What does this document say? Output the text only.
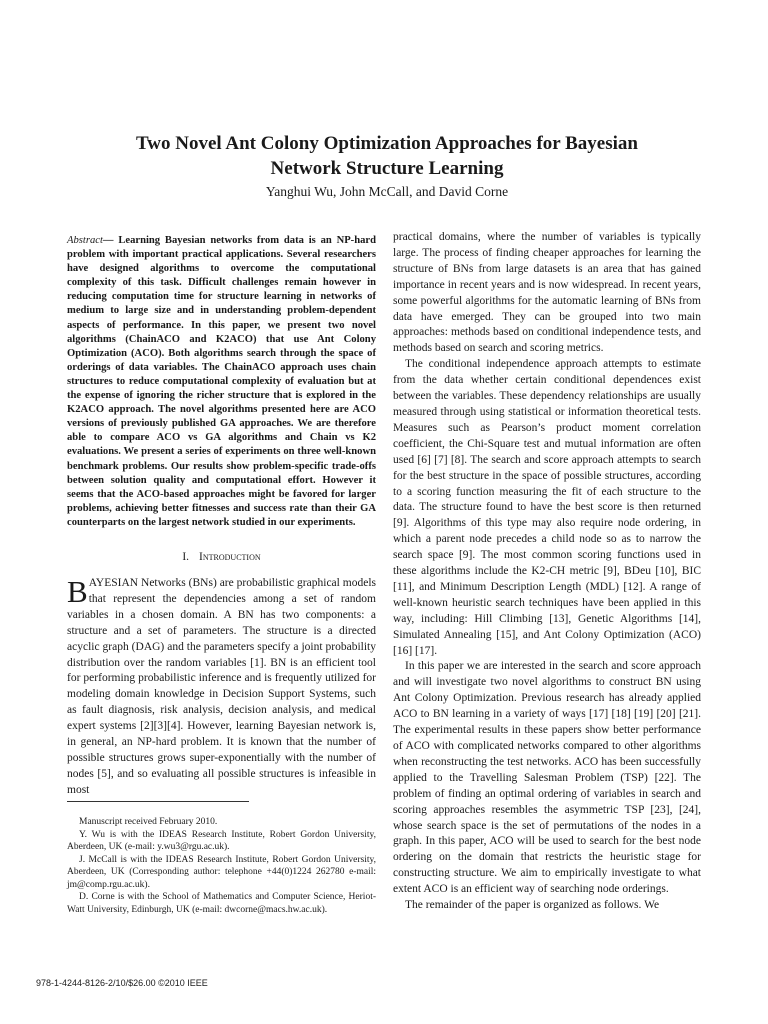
Two Novel Ant Colony Optimization Approaches for Bayesian
Network Structure Learning
Yanghui Wu, John McCall, and David Corne

Abstract— Learning Bayesian networks from data is an NP-hard problem with important practical applications. Several researchers have designed algorithms to overcome the computational complexity of this task. Difficult challenges remain however in reducing computation time for structure learning in networks of medium to large size and in understanding problem-dependent aspects of performance. In this paper, we present two novel algorithms (ChainACO and K2ACO) that use Ant Colony Optimization (ACO). Both algorithms search through the space of orderings of data variables. The ChainACO approach uses chain structures to reduce computational complexity of evaluation but at the expense of ignoring the richer structure that is explored in the K2ACO approach. The novel algorithms presented here are ACO versions of previously published GA approaches. We are therefore able to compare ACO vs GA algorithms and Chain vs K2 evaluations. We present a series of experiments on three well-known benchmark problems. Our results show problem-specific trade-offs between solution quality and computational effort. However it seems that the ACO-based approaches might be favored for larger problems, achieving better fitnesses and success rate than their GA counterparts on the largest network studied in our experiments.

I. Introduction

BAYESIAN Networks (BNs) are probabilistic graphical models that represent the dependencies among a set of random variables in a chosen domain. A BN has two components: a structure and a set of parameters. The structure is a directed acyclic graph (DAG) and the parameters specify a joint probability distribution over the random variables [1]. BN is an efficient tool for performing probabilistic inference and is frequently utilized for modeling domain knowledge in Decision Support Systems, such as fault diagnosis, risk analysis, decision analysis, and medical expert systems [2][3][4]. However, learning Bayesian network is, in general, an NP-hard problem. It is known that the number of possible structures grows super-exponentially with the number of nodes [5], and so evaluating all possible structures is infeasible in most

practical domains, where the number of variables is typically large. The process of finding cheaper approaches for learning the structure of BNs from large datasets is an area that has gained importance in recent years and is now widespread. In recent years, some powerful algorithms for the automatic learning of BNs from data have emerged. They can be grouped into two main approaches: methods based on conditional independence tests, and methods based on search and scoring metrics.

The conditional independence approach attempts to estimate from the data whether certain conditional dependences exist between the variables. These dependency relationships are usually measured through using statistical or information theoretical tests. Measures such as Pearson’s product moment correlation coefficient, the Chi-Square test and mutual information are often used [6] [7] [8]. The search and score approach attempts to search for the best structure in the space of possible structures, according to a scoring function measuring the fit of each structure to the data. The structure found to have the best score is then returned [9]. Algorithms of this type may also require node ordering, in which a parent node precedes a child node so as to narrow the search space [9]. The most common scoring functions used in these algorithms include the K2-CH metric [9], BDeu [10], BIC [11], and Minimum Description Length (MDL) [12]. A range of well-known heuristic search techniques have been applied in this way, including: Hill Climbing [13], Genetic Algorithms [14], Simulated Annealing [15], and Ant Colony Optimization (ACO) [16] [17].

In this paper we are interested in the search and score approach and will investigate two novel algorithms to construct BN using Ant Colony Optimization. Previous research has already applied ACO to BN learning in a variety of ways [17] [18] [19] [20] [21]. The experimental results in these papers show better performance of ACO with complicated networks compared to other algorithms when reconstructing the test networks. ACO has been successfully applied to the Travelling Salesman Problem (TSP) [22]. The problem of finding an optimal ordering of variables in search and scoring approaches resembles the asymmetric TSP [23], [24], whose search space is the set of permutations of the nodes in a graph. In this paper, ACO will be used to search for the best node ordering on the domain that restricts the heuristic stage for constructing structure. We aim to empirically investigate to what extent ACO is an efficient way of searching node orderings.

The remainder of the paper is organized as follows. We

Manuscript received February 2010.

Y. Wu is with the IDEAS Research Institute, Robert Gordon University, Aberdeen, UK (e-mail: y.wu3@rgu.ac.uk).

J. McCall is with the IDEAS Research Institute, Robert Gordon University, Aberdeen, UK (Corresponding author: telephone +44(0)1224 262780 e-mail: jm@comp.rgu.ac.uk).

D. Corne is with the School of Mathematics and Computer Science, Heriot-Watt University, Edinburgh, UK (e-mail: dwcorne@macs.hw.ac.uk).

978-1-4244-8126-2/10/$26.00 ©2010 IEEE
